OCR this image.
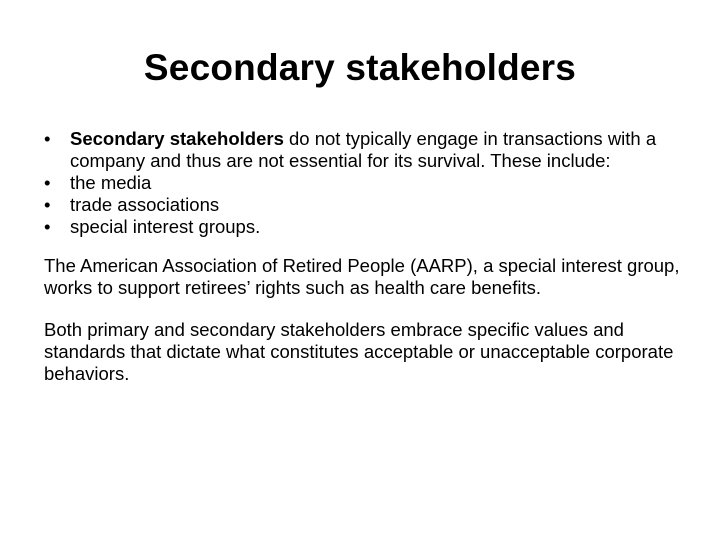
Secondary stakeholders
• Secondary stakeholders do not typically engage in transactions with a company and thus are not essential for its survival. These include:
• the media
• trade associations
• special interest groups.

The American Association of Retired People (AARP), a special interest group, works to support retirees’ rights such as health care benefits.

Both primary and secondary stakeholders embrace specific values and standards that dictate what constitutes acceptable or unacceptable corporate behaviors.
